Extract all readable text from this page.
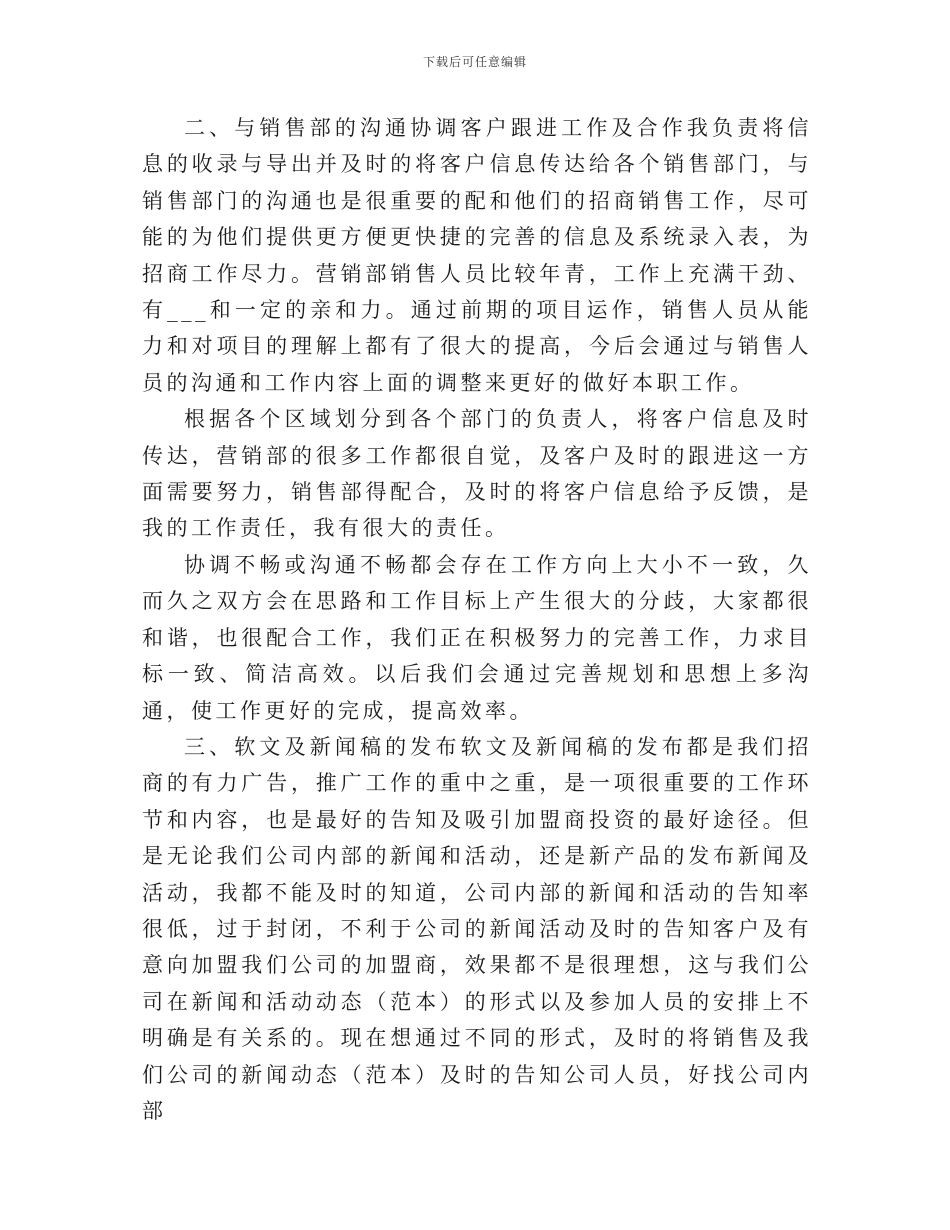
下载后可任意编辑

二、与销售部的沟通协调客户跟进工作及合作我负责将信息的收录与导出并及时的将客户信息传达给各个销售部门，与销售部门的沟通也是很重要的配和他们的招商销售工作，尽可能的为他们提供更方便更快捷的完善的信息及系统录入表，为招商工作尽力。营销部销售人员比较年青，工作上充满干劲、有___和一定的亲和力。通过前期的项目运作，销售人员从能力和对项目的理解上都有了很大的提高，今后会通过与销售人员的沟通和工作内容上面的调整来更好的做好本职工作。

根据各个区域划分到各个部门的负责人，将客户信息及时传达，营销部的很多工作都很自觉，及客户及时的跟进这一方面需要努力，销售部得配合，及时的将客户信息给予反馈，是我的工作责任，我有很大的责任。

协调不畅或沟通不畅都会存在工作方向上大小不一致，久而久之双方会在思路和工作目标上产生很大的分歧，大家都很和谐，也很配合工作，我们正在积极努力的完善工作，力求目标一致、简洁高效。以后我们会通过完善规划和思想上多沟通，使工作更好的完成，提高效率。

三、软文及新闻稿的发布软文及新闻稿的发布都是我们招商的有力广告，推广工作的重中之重，是一项很重要的工作环节和内容，也是最好的告知及吸引加盟商投资的最好途径。但是无论我们公司内部的新闻和活动，还是新产品的发布新闻及活动，我都不能及时的知道，公司内部的新闻和活动的告知率很低，过于封闭，不利于公司的新闻活动及时的告知客户及有意向加盟我们公司的加盟商，效果都不是很理想，这与我们公司在新闻和活动动态（范本）的形式以及参加人员的安排上不明确是有关系的。现在想通过不同的形式，及时的将销售及我们公司的新闻动态（范本）及时的告知公司人员，好找公司内部
